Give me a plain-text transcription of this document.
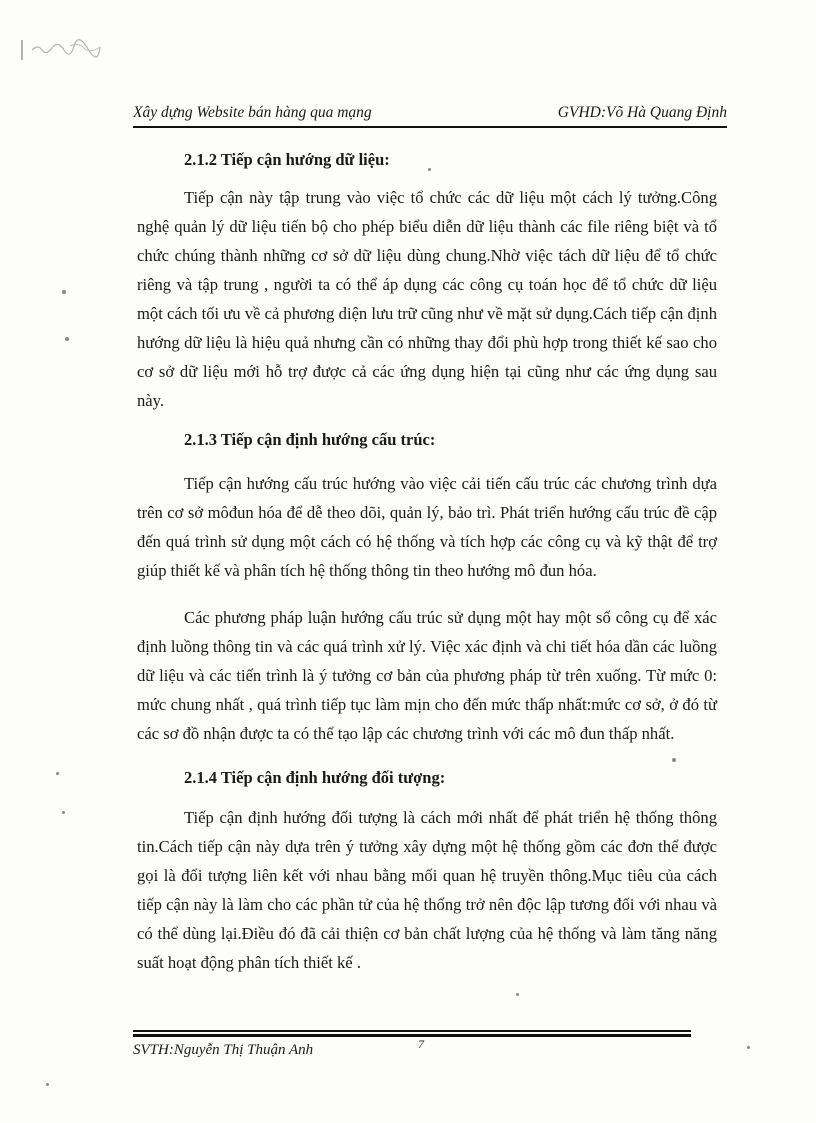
Xây dựng Website bán hàng qua mạng	GVHD:Võ Hà Quang Định
2.1.2 Tiếp cận hướng dữ liệu:

Tiếp cận này tập trung vào việc tổ chức các dữ liệu một cách lý tưởng.Công nghệ quản lý dữ liệu tiến bộ cho phép biểu diễn dữ liệu thành các file riêng biệt và tổ chức chúng thành những cơ sở dữ liệu dùng chung.Nhờ việc tách dữ liệu để tổ chức riêng và tập trung , người ta có thể áp dụng các công cụ toán học để tổ chức dữ liệu một cách tối ưu về cả phương diện lưu trữ cũng như về mặt sử dụng.Cách tiếp cận định hướng dữ liệu là hiệu quả nhưng cần có những thay đổi phù hợp trong thiết kế sao cho cơ sở dữ liệu mới hỗ trợ được cả các ứng dụng hiện tại cũng như các ứng dụng sau này.

2.1.3 Tiếp cận định hướng cấu trúc:

Tiếp cận hướng cấu trúc hướng vào việc cải tiến cấu trúc các chương trình dựa trên cơ sở môđun hóa để dễ theo dõi, quản lý, bảo trì. Phát triển hướng cấu trúc đề cập đến quá trình sử dụng một cách có hệ thống và tích hợp các công cụ và kỹ thật để trợ giúp thiết kế và phân tích hệ thống thông tin theo hướng mô đun hóa.

Các phương pháp luận hướng cấu trúc sử dụng một hay một số công cụ để xác định luồng thông tin và các quá trình xử lý. Việc xác định và chi tiết hóa dần các luồng dữ liệu và các tiến trình là ý tưởng cơ bản của phương pháp từ trên xuống. Từ mức 0: mức chung nhất , quá trình tiếp tục làm mịn cho đến mức thấp nhất:mức cơ sở, ở đó từ các sơ đồ nhận được ta có thể tạo lập các chương trình với các mô đun thấp nhất.

2.1.4 Tiếp cận định hướng đối tượng:

Tiếp cận định hướng đối tượng là cách mới nhất để phát triển hệ thống thông tin.Cách tiếp cận này dựa trên ý tưởng xây dựng một hệ thống gồm các đơn thể được gọi là đối tượng liên kết với nhau bằng mối quan hệ truyền thông.Mục tiêu của cách tiếp cận này là làm cho các phần tử của hệ thống trở nên độc lập tương đối với nhau và có thể dùng lại.Điều đó đã cải thiện cơ bản chất lượng của hệ thống và làm tăng năng suất hoạt động phân tích thiết kế .

SVTH:Nguyễn Thị Thuận Anh	7
